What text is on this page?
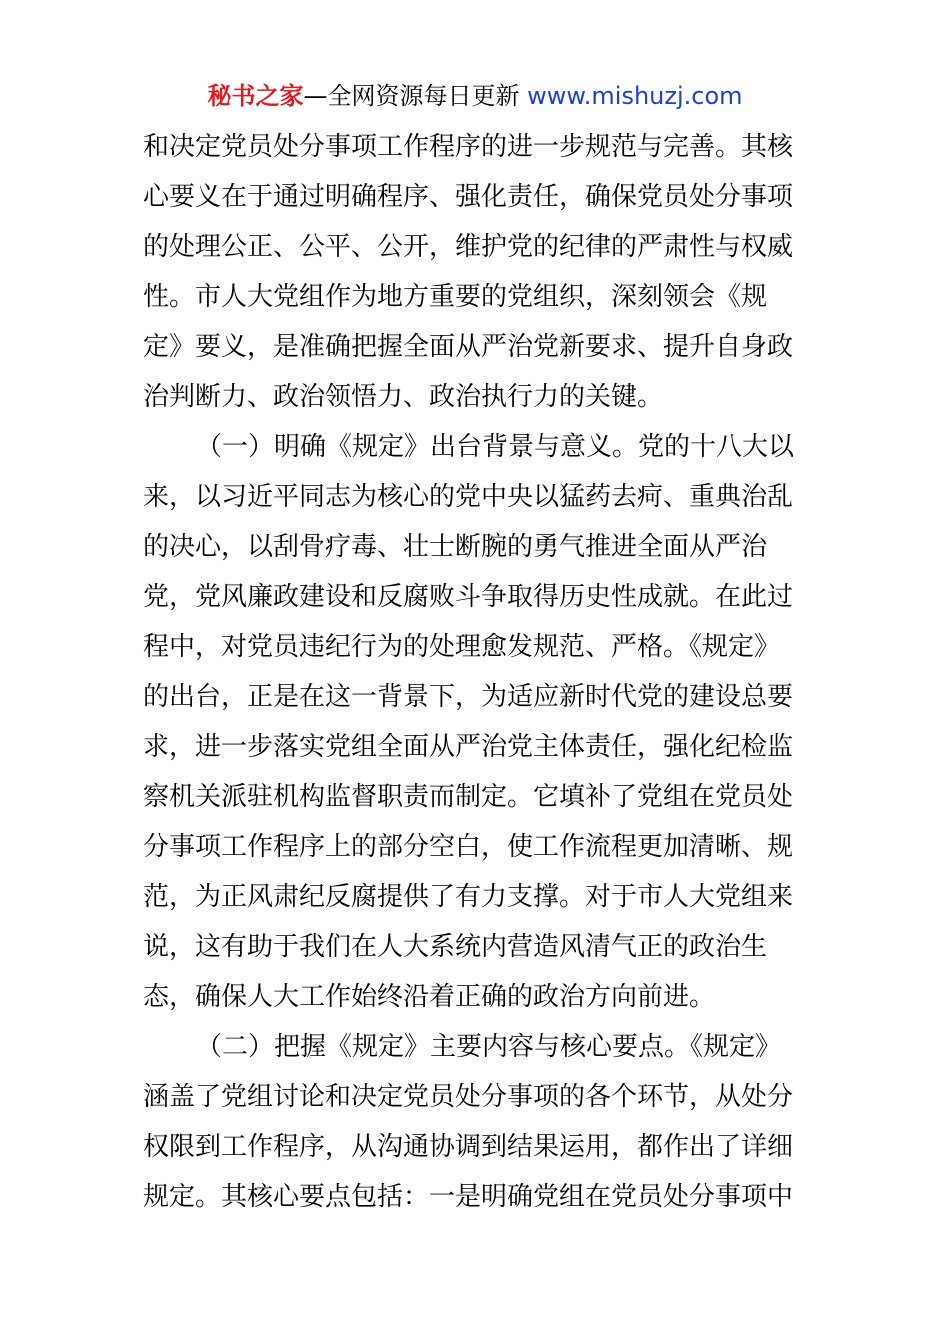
秘书之家—全网资源每日更新 www.mishuzj.com
和决定党员处分事项工作程序的进一步规范与完善。其核
心要义在于通过明确程序、强化责任，确保党员处分事项
的处理公正、公平、公开，维护党的纪律的严肃性与权威
性。市人大党组作为地方重要的党组织，深刻领会《规
定》要义，是准确把握全面从严治党新要求、提升自身政
治判断力、政治领悟力、政治执行力的关键。
（一）明确《规定》出台背景与意义。党的十八大以
来，以习近平同志为核心的党中央以猛药去疴、重典治乱
的决心，以刮骨疗毒、壮士断腕的勇气推进全面从严治
党，党风廉政建设和反腐败斗争取得历史性成就。在此过
程中，对党员违纪行为的处理愈发规范、严格。《规定》
的出台，正是在这一背景下，为适应新时代党的建设总要
求，进一步落实党组全面从严治党主体责任，强化纪检监
察机关派驻机构监督职责而制定。它填补了党组在党员处
分事项工作程序上的部分空白，使工作流程更加清晰、规
范，为正风肃纪反腐提供了有力支撑。对于市人大党组来
说，这有助于我们在人大系统内营造风清气正的政治生
态，确保人大工作始终沿着正确的政治方向前进。
（二）把握《规定》主要内容与核心要点。《规定》
涵盖了党组讨论和决定党员处分事项的各个环节，从处分
权限到工作程序，从沟通协调到结果运用，都作出了详细
规定。其核心要点包括：一是明确党组在党员处分事项中
